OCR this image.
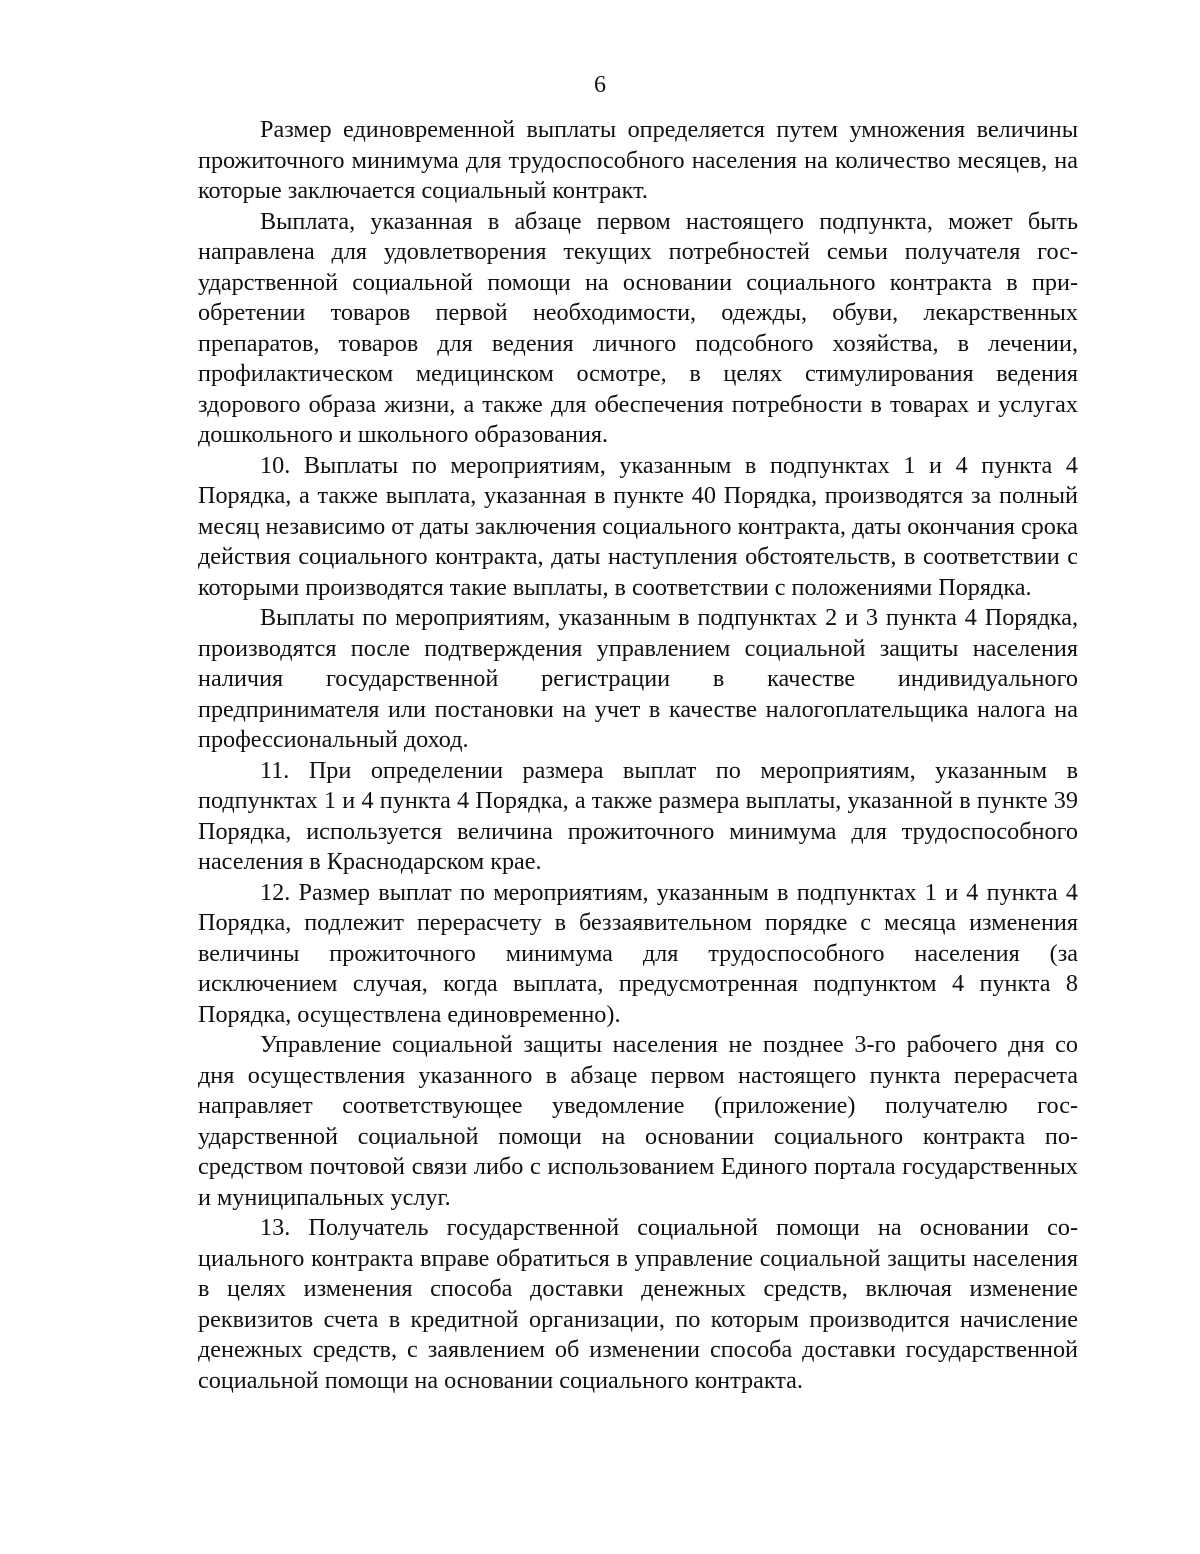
6

Размер единовременной выплаты определяется путем умножения величины прожиточного минимума для трудоспособного населения на количество месяцев, на которые заключается социальный контракт.

Выплата, указанная в абзаце первом настоящего подпункта, может быть направлена для удовлетворения текущих потребностей семьи получателя государственной социальной помощи на основании социального контракта в приобретении товаров первой необходимости, одежды, обуви, лекарственных препаратов, товаров для ведения личного подсобного хозяйства, в лечении, профилактическом медицинском осмотре, в целях стимулирования ведения здорового образа жизни, а также для обеспечения потребности в товарах и услугах дошкольного и школьного образования.

10. Выплаты по мероприятиям, указанным в подпунктах 1 и 4 пункта 4 Порядка, а также выплата, указанная в пункте 40 Порядка, производятся за полный месяц независимо от даты заключения социального контракта, даты окончания срока действия социального контракта, даты наступления обстоятельств, в соответствии с которыми производятся такие выплаты, в соответствии с положениями Порядка.

Выплаты по мероприятиям, указанным в подпунктах 2 и 3 пункта 4 Порядка, производятся после подтверждения управлением социальной защиты населения наличия государственной регистрации в качестве индивидуального предпринимателя или постановки на учет в качестве налогоплательщика налога на профессиональный доход.

11. При определении размера выплат по мероприятиям, указанным в подпунктах 1 и 4 пункта 4 Порядка, а также размера выплаты, указанной в пункте 39 Порядка, используется величина прожиточного минимума для трудоспособного населения в Краснодарском крае.

12. Размер выплат по мероприятиям, указанным в подпунктах 1 и 4 пункта 4 Порядка, подлежит перерасчету в беззаявительном порядке с месяца изменения величины прожиточного минимума для трудоспособного населения (за исключением случая, когда выплата, предусмотренная подпунктом 4 пункта 8 Порядка, осуществлена единовременно).

Управление социальной защиты населения не позднее 3-го рабочего дня со дня осуществления указанного в абзаце первом настоящего пункта перерасчета направляет соответствующее уведомление (приложение) получателю государственной социальной помощи на основании социального контракта посредством почтовой связи либо с использованием Единого портала государственных и муниципальных услуг.

13. Получатель государственной социальной помощи на основании социального контракта вправе обратиться в управление социальной защиты населения в целях изменения способа доставки денежных средств, включая изменение реквизитов счета в кредитной организации, по которым производится начисление денежных средств, с заявлением об изменении способа доставки государственной социальной помощи на основании социального контракта.
